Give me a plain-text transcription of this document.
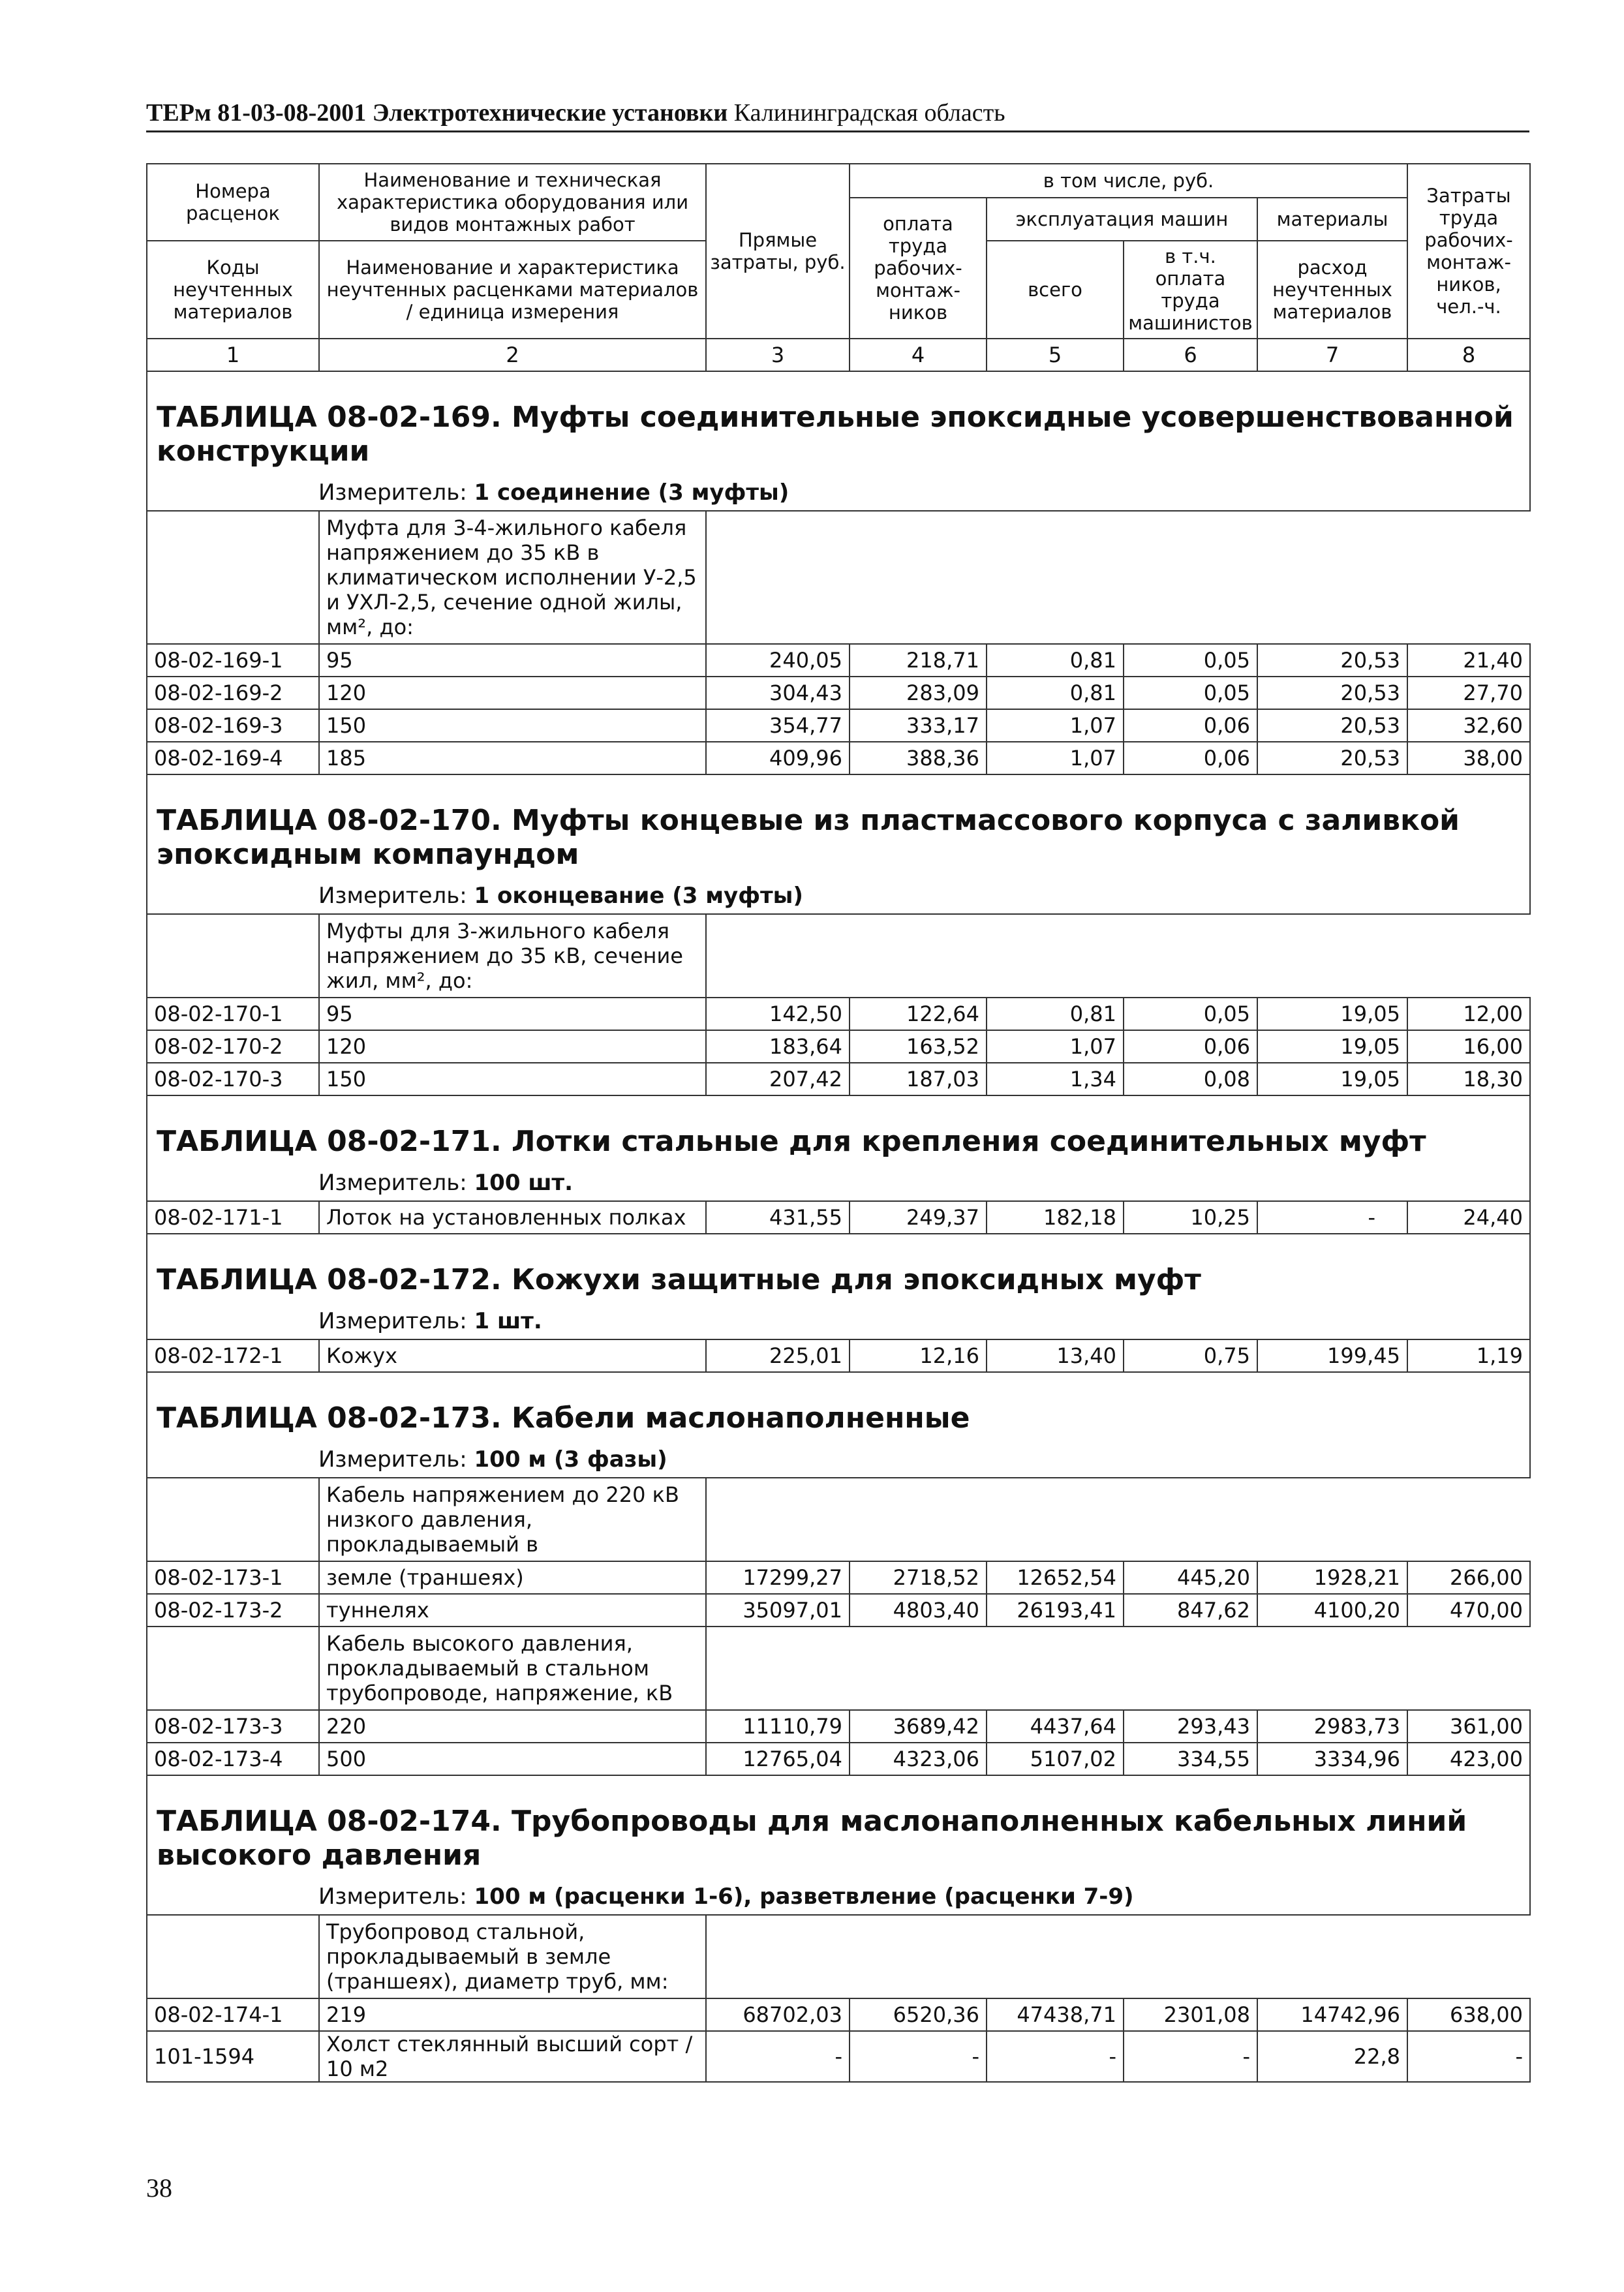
ТЕРм 81-03-08-2001 Электротехнические установки Калининградская область
Номера расценок	Наименование и техническая характеристика оборудования или видов монтажных работ	Прямые затраты, руб.	в том числе, руб.				Затраты труда рабочих-монтаж-ников, чел.-ч.
			оплата труда рабочих-монтаж-ников	эксплуатация машин		материалы	
Коды неучтенных материалов	Наименование и характеристика неучтенных расценками материалов / единица измерения			всего	в т.ч. оплата труда машинистов	расход неучтенных материалов	

1	2	3	4	5	6	7	8
ТАБЛИЦА 08-02-169. Муфты соединительные эпоксидные усовершенствованной конструкции							
Измеритель: 1 соединение (3 муфты)							
	Муфта для 3-4-жильного кабеля напряжением до 35 кВ в климатическом исполнении У-2,5 и УХЛ-2,5, сечение одной жилы, мм², до:						
08-02-169-1	95	240,05	218,71	0,81	0,05	20,53	21,40
08-02-169-2	120	304,43	283,09	0,81	0,05	20,53	27,70
08-02-169-3	150	354,77	333,17	1,07	0,06	20,53	32,60
08-02-169-4	185	409,96	388,36	1,07	0,06	20,53	38,00
ТАБЛИЦА 08-02-170. Муфты концевые из пластмассового корпуса с заливкой эпоксидным компаундом							
Измеритель: 1 оконцевание (3 муфты)							
	Муфты для 3-жильного кабеля напряжением до 35 кВ, сечение жил, мм², до:						
08-02-170-1	95	142,50	122,64	0,81	0,05	19,05	12,00
08-02-170-2	120	183,64	163,52	1,07	0,06	19,05	16,00
08-02-170-3	150	207,42	187,03	1,34	0,08	19,05	18,30
ТАБЛИЦА 08-02-171. Лотки стальные для крепления соединительных муфт							
Измеритель: 100 шт.							
08-02-171-1	Лоток на установленных полках	431,55	249,37	182,18	10,25	-	24,40
ТАБЛИЦА 08-02-172. Кожухи защитные для эпоксидных муфт							
Измеритель: 1 шт.							
08-02-172-1	Кожух	225,01	12,16	13,40	0,75	199,45	1,19
ТАБЛИЦА 08-02-173. Кабели маслонаполненные							
Измеритель: 100 м (3 фазы)							
	Кабель напряжением до 220 кВ низкого давления, прокладываемый в						
08-02-173-1	земле (траншеях)	17299,27	2718,52	12652,54	445,20	1928,21	266,00
08-02-173-2	туннелях	35097,01	4803,40	26193,41	847,62	4100,20	470,00
	Кабель высокого давления, прокладываемый в стальном трубопроводе, напряжение, кВ						
08-02-173-3	220	11110,79	3689,42	4437,64	293,43	2983,73	361,00
08-02-173-4	500	12765,04	4323,06	5107,02	334,55	3334,96	423,00
ТАБЛИЦА 08-02-174. Трубопроводы для маслонаполненных кабельных линий высокого давления							
Измеритель: 100 м (расценки 1-6), разветвление (расценки 7-9)							
	Трубопровод стальной, прокладываемый в земле (траншеях), диаметр труб, мм:						
08-02-174-1	219	68702,03	6520,36	47438,71	2301,08	14742,96	638,00
101-1594	Холст стеклянный высший сорт / 10 м2	-	-	-	-	22,8	-
38
